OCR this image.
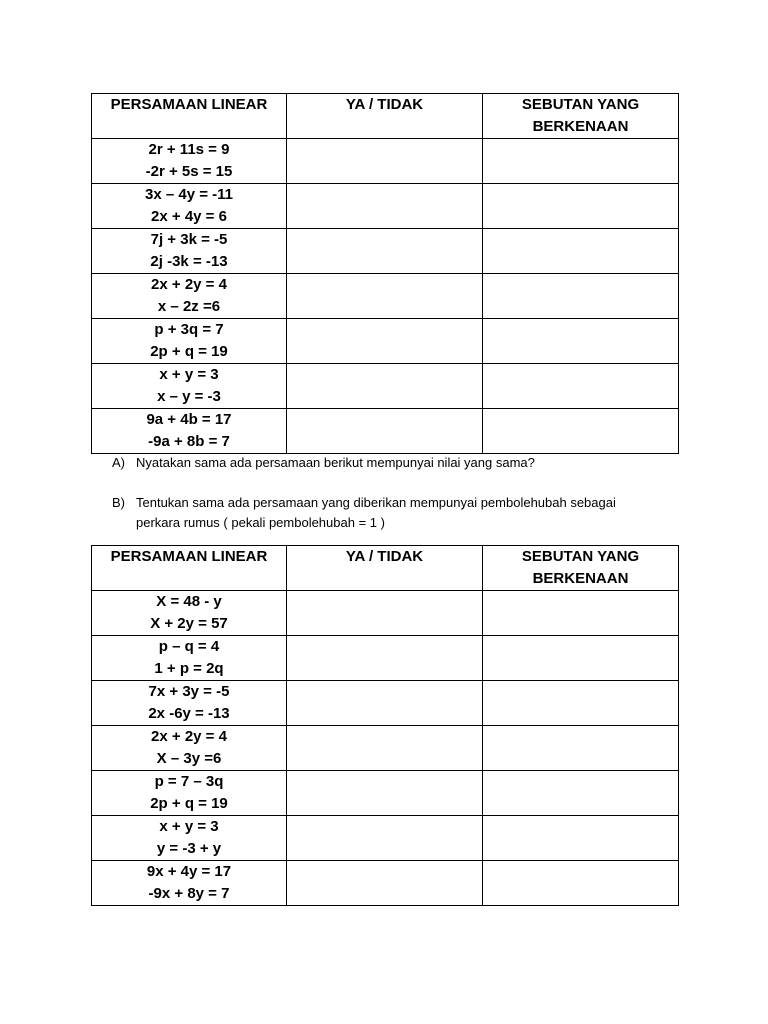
PERSAMAAN LINEAR	YA / TIDAK	SEBUTAN YANG
BERKENAAN

2r + 11s = 9
-2r + 5s = 15		

3x – 4y = -11
2x + 4y = 6		

7j + 3k = -5
2j -3k = -13		

2x + 2y = 4
x – 2z =6		

p + 3q = 7
2p + q = 19		

x + y = 3
x – y = -3		

9a + 4b = 17
-9a + 8b = 7		

A) Nyatakan sama ada persamaan berikut mempunyai nilai yang sama?
B) Tentukan sama ada persamaan yang diberikan mempunyai pembolehubah sebagai
perkara rumus ( pekali pembolehubah = 1 )
PERSAMAAN LINEAR	YA / TIDAK	SEBUTAN YANG
BERKENAAN

X = 48 - y
X + 2y = 57		

p – q = 4
1 + p = 2q		

7x + 3y = -5
2x -6y = -13		

2x + 2y = 4
X – 3y =6		

p = 7 – 3q
2p + q = 19		

x + y = 3
y = -3 + y		

9x + 4y = 17
-9x + 8y = 7		
